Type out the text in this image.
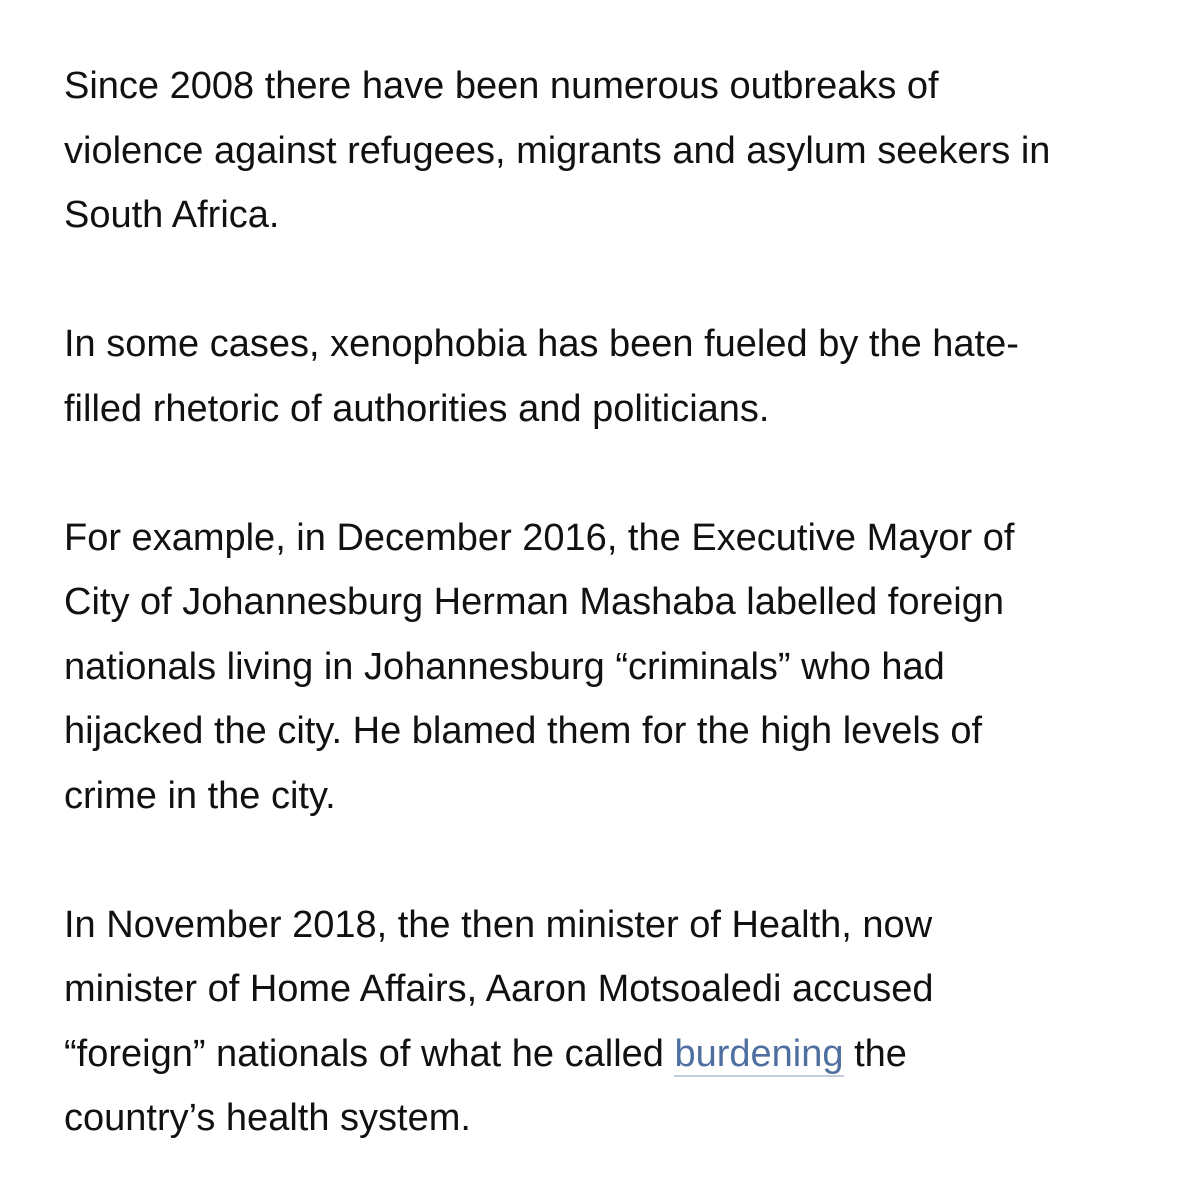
Since 2008 there have been numerous outbreaks of
violence against refugees, migrants and asylum seekers in
South Africa.

In some cases, xenophobia has been fueled by the hate-
filled rhetoric of authorities and politicians.

For example, in December 2016, the Executive Mayor of
City of Johannesburg Herman Mashaba labelled foreign
nationals living in Johannesburg “criminals” who had
hijacked the city. He blamed them for the high levels of
crime in the city.

In November 2018, the then minister of Health, now
minister of Home Affairs, Aaron Motsoaledi accused
“foreign” nationals of what he called burdening the
country’s health system.
